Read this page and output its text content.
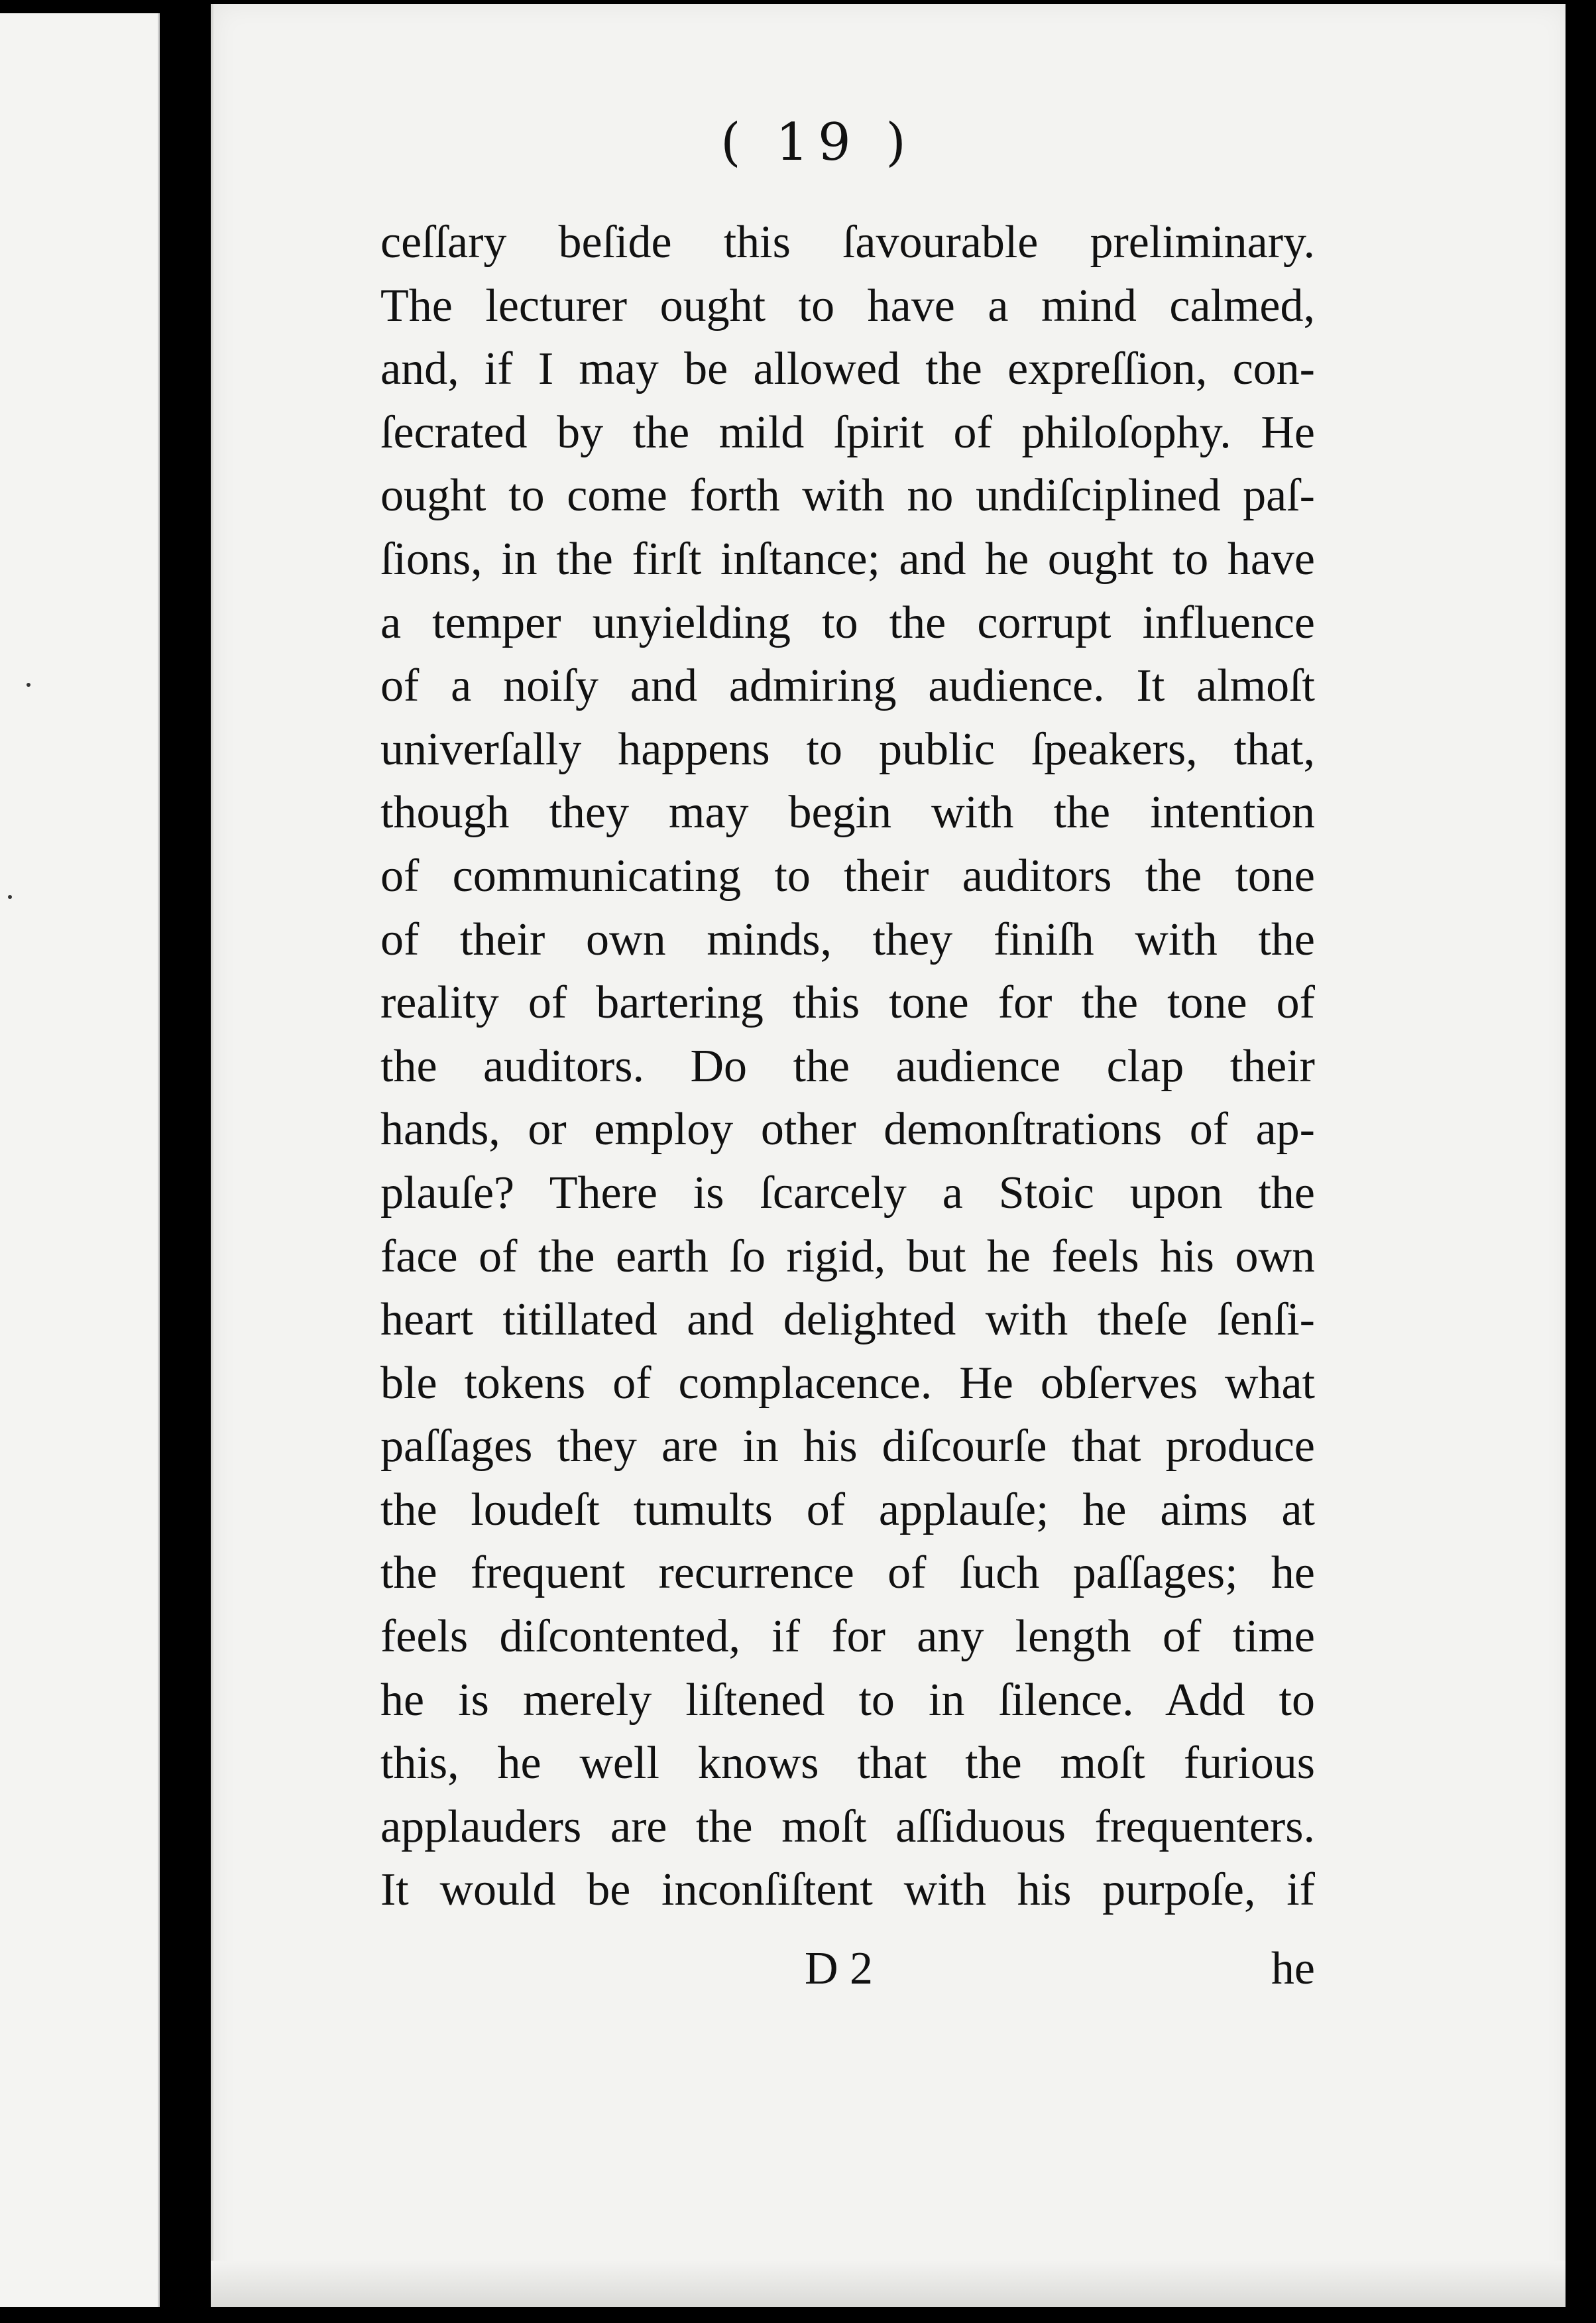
( 19 )
ceſſary beſide this ſavourable preliminary.
The lecturer ought to have a mind calmed,
and, if I may be allowed the expreſſion, con-
ſecrated by the mild ſpirit of philoſophy. He
ought to come forth with no undiſciplined paſ-
ſions, in the firſt inſtance; and he ought to have
a temper unyielding to the corrupt influence
of a noiſy and admiring audience. It almoſt
univerſally happens to public ſpeakers, that,
though they may begin with the intention
of communicating to their auditors the tone
of their own minds, they finiſh with the
reality of bartering this tone for the tone of
the auditors. Do the audience clap their
hands, or employ other demonſtrations of ap-
plauſe? There is ſcarcely a Stoic upon the
face of the earth ſo rigid, but he feels his own
heart titillated and delighted with theſe ſenſi-
ble tokens of complacence. He obſerves what
paſſages they are in his diſcourſe that produce
the loudeſt tumults of applauſe; he aims at
the frequent recurrence of ſuch paſſages; he
feels diſcontented, if for any length of time
he is merely liſtened to in ſilence. Add to
this, he well knows that the moſt furious
applauders are the moſt aſſiduous frequenters.
It would be inconſiſtent with his purpoſe, if
D 2	he
